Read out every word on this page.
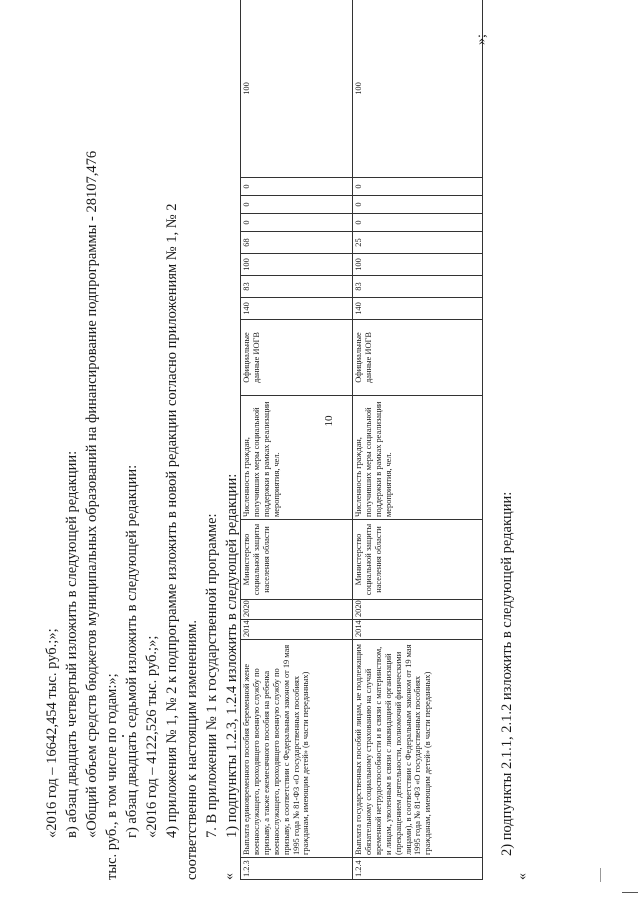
10
«2016 год – 16642,454 тыс. руб.;»; в) абзац двадцать четвертый изложить в следующей редакции: «Общий объем средств бюджетов муниципальных образований на финансирование подпрограммы - 28107,476 тыс. руб., в том числе по годам:»; г) абзац двадцать седьмой изложить в следующей редакции: «2016 год – 4122,526 тыс. руб.;»; 4) приложения № 1, № 2 к подпрограмме изложить в новой редакции согласно приложениям № 1, № 2 соответственно к настоящим изменениям. 7. В приложении № 1 к государственной программе: 1) подпункты 1.2.3, 1.2.4 изложить в следующей редакции:
« 1.2.3	Выплата единовременного пособия беременной жене военнослужащего, проходящего военную службу по призыву, а также ежемесячного пособия на ребенка военнослужащего, проходящего военную службу по призыву, в соответствии с Федеральным законом от 19 мая 1995 года № 81-ФЗ «О государственных пособиях гражданам, имеющим детей» (в части переданных)	2014	2020	Министерство социальной защиты населения области	Численность граждан, получивших меры социальной поддержки в рамках реализации мероприятия, чел.	Официальные данные ИОГВ	140	83	100	68	0	0	0	100
1.2.4	Выплата государственных пособий лицам, не подлежащим обязательному социальному страхованию на случай временной нетрудоспособности и в связи с материнством, и лицам, уволенным в связи с ликвидацией организаций (прекращением деятельности, полномочий физическими лицами), в соответствии с Федеральным законом от 19 мая 1995 года № 81-ФЗ «О государственных пособиях гражданам, имеющим детей» (в части переданных)	2014	2020	Министерство социальной защиты населения области	Численность граждан, получивших меры социальной поддержки в рамках реализации мероприятия, чел.	Официальные данные ИОГВ	140	83	100	25	0	0	0	100
»;
2) подпункты 2.1.1, 2.1.2 изложить в следующей редакции:
«
